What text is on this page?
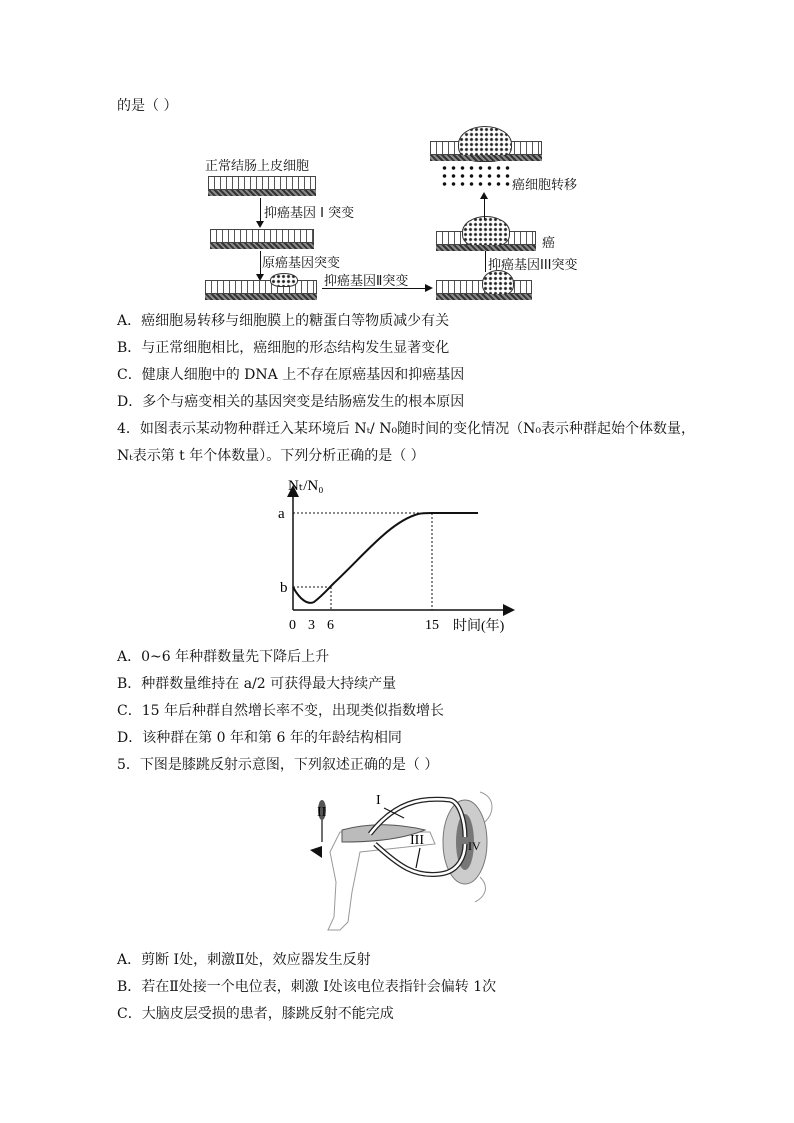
的是（ ）
正常结肠上皮细胞
抑癌基因 I 突变
原癌基因突变
抑癌基因Ⅱ突变
抑癌基因III突变
癌
癌细胞转移
A．癌细胞易转移与细胞膜上的糖蛋白等物质减少有关
B．与正常细胞相比，癌细胞的形态结构发生显著变化
C．健康人细胞中的 DNA 上不存在原癌基因和抑癌基因
D．多个与癌变相关的基因突变是结肠癌发生的根本原因
4．如图表示某动物种群迁入某环境后 Nₜ/ N₀随时间的变化情况（N₀表示种群起始个体数量，
Nₜ表示第 t 年个体数量）。下列分析正确的是（ ）
Nₜ/N₀
时间(年)
a
b
0 3 6	15
A．0~6 年种群数量先下降后上升
B．种群数量维持在 a/2 可获得最大持续产量
C．15 年后种群自然增长率不变，出现类似指数增长
D．该种群在第 0 年和第 6 年的年龄结构相同
5．下图是膝跳反射示意图，下列叙述正确的是（ ）
I
II
III	IV
A．剪断 I处，刺激Ⅱ处，效应器发生反射
B．若在Ⅱ处接一个电位表，刺激 I处该电位表指针会偏转 1次
C．大脑皮层受损的患者，膝跳反射不能完成
